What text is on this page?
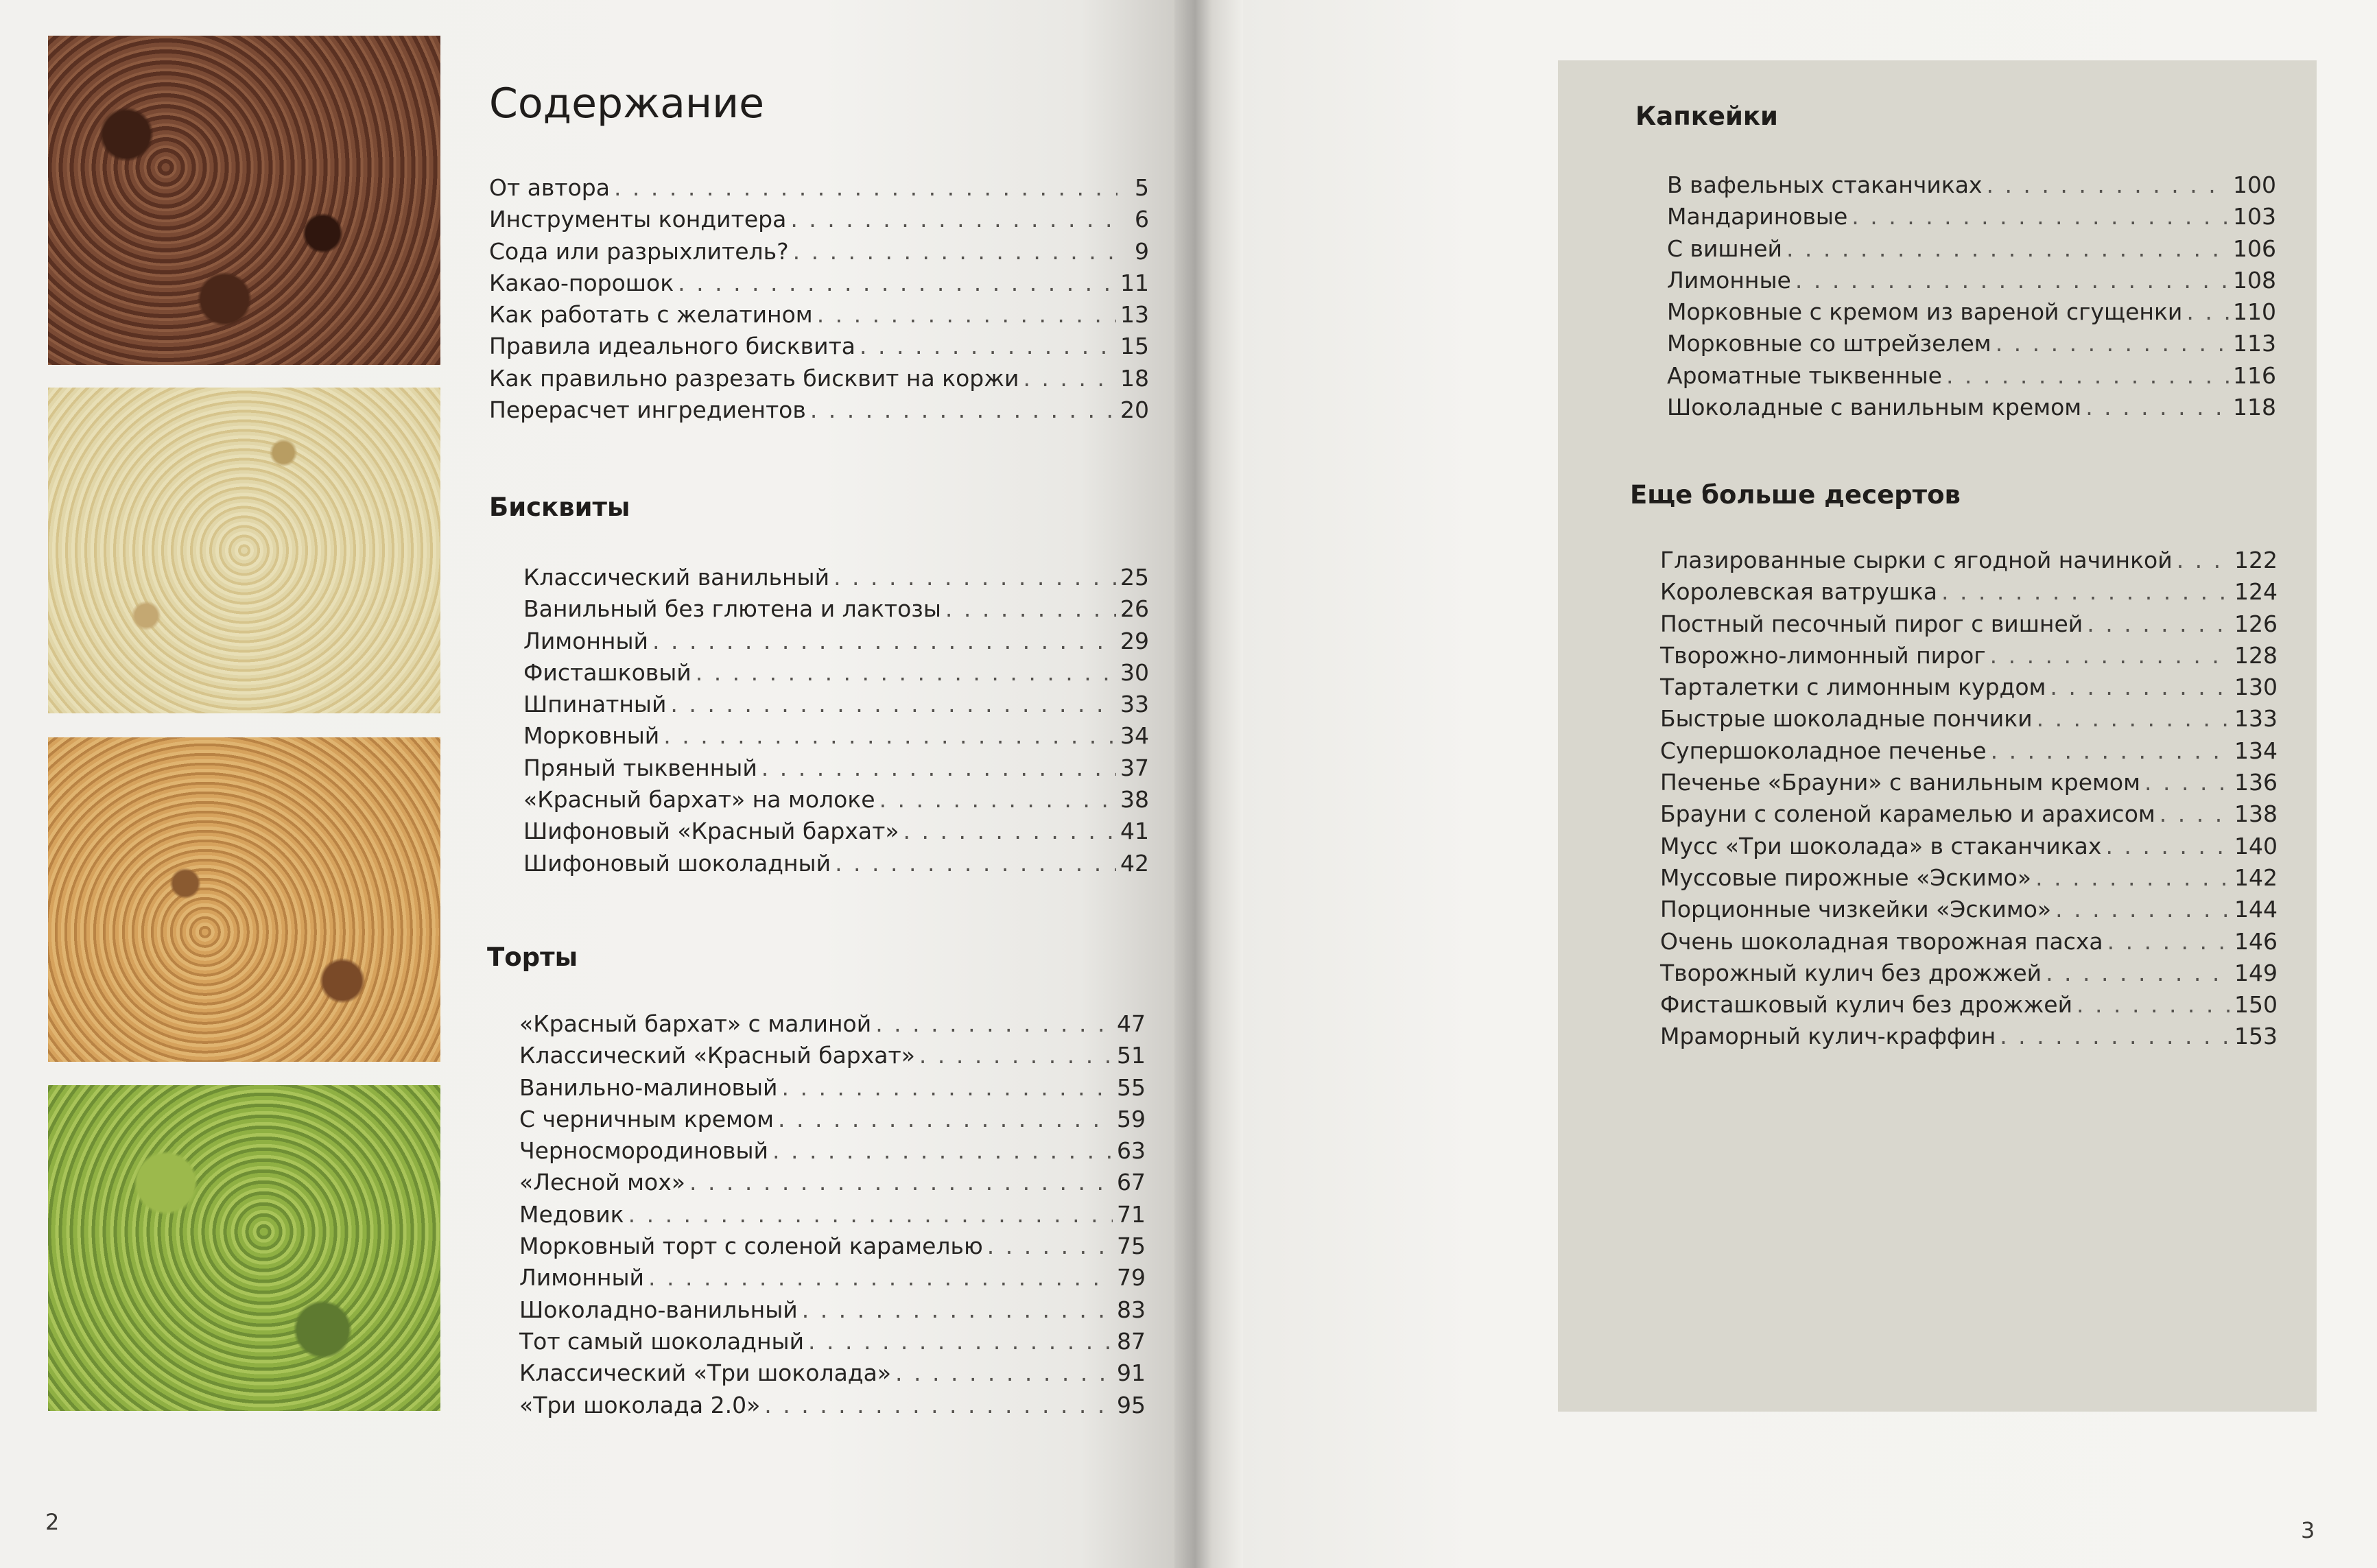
Содержание
От автора . . .	5
Инструменты кондитера . . .	6
Сода или разрыхлитель? . . .	9
Какао-порошок . . .	11
Как работать с желатином . . .	13
Правила идеального бисквита . . .	15
Как правильно разрезать бисквит на коржи . . .	18
Перерасчет ингредиентов . . .	20
Бисквиты
Классический ванильный . . .	25
Ванильный без глютена и лактозы . . .	26
Лимонный . . .	29
Фисташковый . . .	30
Шпинатный . . .	33
Морковный . . .	34
Пряный тыквенный . . .	37
«Красный бархат» на молоке . . .	38
Шифоновый «Красный бархат» . . .	41
Шифоновый шоколадный . . .	42
Торты
«Красный бархат» с малиной . . .	47
Классический «Красный бархат» . . .	51
Ванильно-малиновый . . .	55
С черничным кремом . . .	59
Черносмородиновый . . .	63
«Лесной мох» . . .	67
Медовик . . .	71
Морковный торт с соленой карамелью . . .	75
Лимонный . . .	79
Шоколадно-ванильный . . .	83
Тот самый шоколадный . . .	87
Классический «Три шоколада» . . .	91
«Три шоколада 2.0» . . .	95
2
Капкейки
В вафельных стаканчиках . . .	100
Мандариновые . . .	103
С вишней . . .	106
Лимонные . . .	108
Морковные с кремом из вареной сгущенки . . . 110
Морковные со штрейзелем . . .	113
Ароматные тыквенные . . .	116
Шоколадные с ванильным кремом . . .	118
Еще больше десертов
Глазированные сырки с ягодной начинкой . . .	122
Королевская ватрушка . . .	124
Постный песочный пирог с вишней . . .	126
Творожно-лимонный пирог . . .	128
Тарталетки с лимонным курдом . . .	130
Быстрые шоколадные пончики . . .	133
Супершоколадное печенье . . .	134
Печенье «Брауни» с ванильным кремом . . .	136
Брауни с соленой карамелью и арахисом . . .	138
Мусс «Три шоколада» в стаканчиках . . .	140
Муссовые пирожные «Эскимо» . . .	142
Порционные чизкейки «Эскимо» . . .	144
Очень шоколадная творожная пасха . . .	146
Творожный кулич без дрожжей . . .	149
Фисташковый кулич без дрожжей . . .	150
Мраморный кулич-краффин . . .	153
3
